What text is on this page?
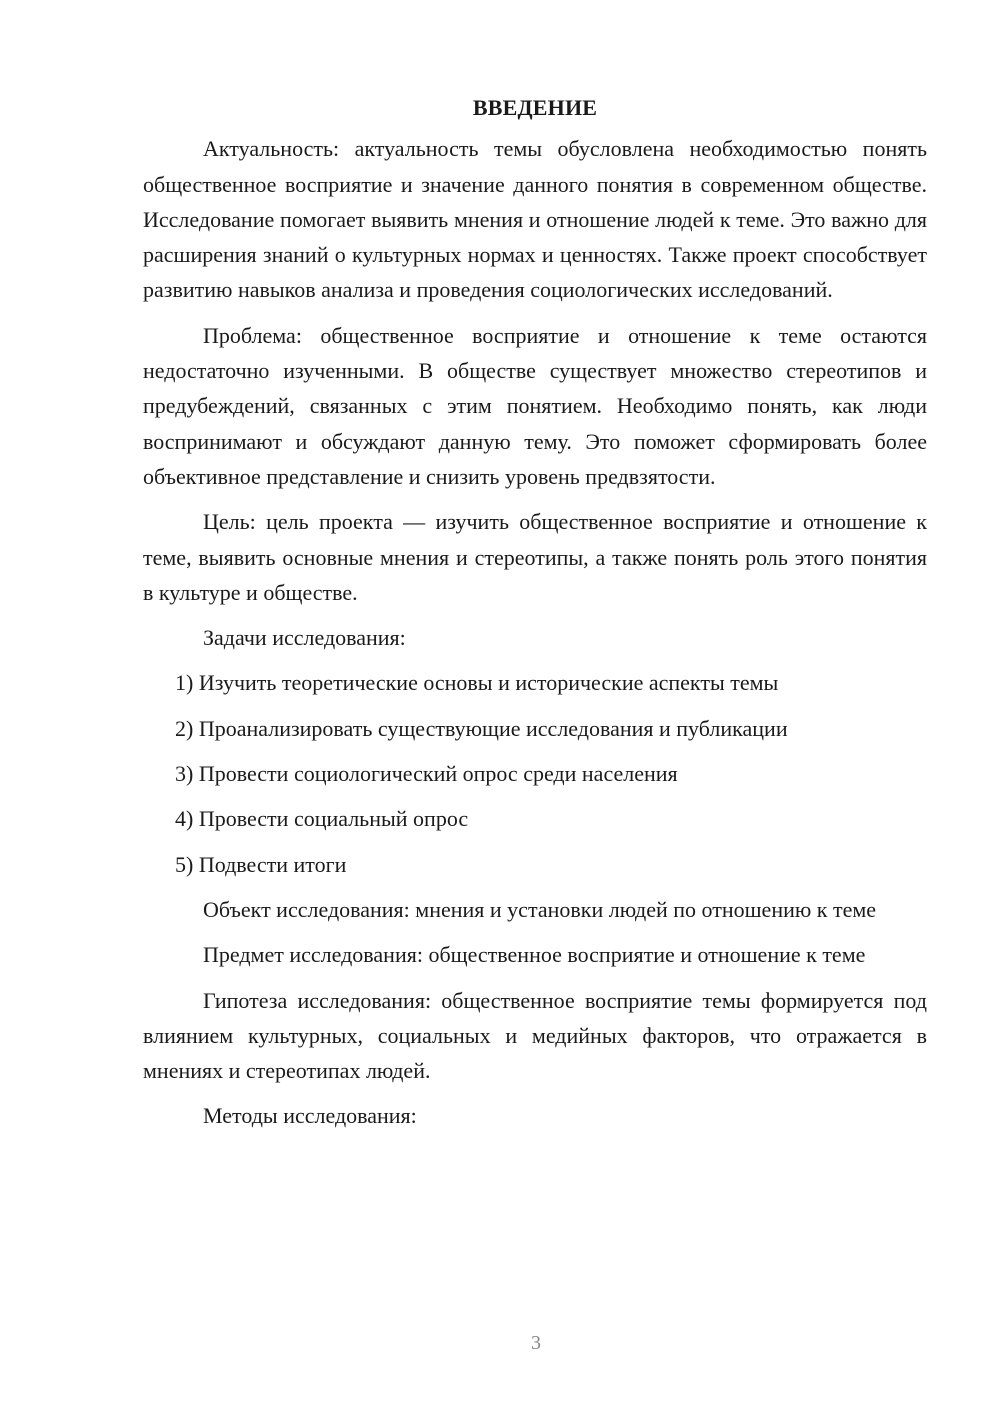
ВВЕДЕНИЕ

Актуальность: актуальность темы обусловлена необходимостью понять общественное восприятие и значение данного понятия в современном обществе. Исследование помогает выявить мнения и отношение людей к теме. Это важно для расширения знаний о культурных нормах и ценностях. Также проект способствует развитию навыков анализа и проведения социологических исследований.

Проблема: общественное восприятие и отношение к теме остаются недостаточно изученными. В обществе существует множество стереотипов и предубеждений, связанных с этим понятием. Необходимо понять, как люди воспринимают и обсуждают данную тему. Это поможет сформировать более объективное представление и снизить уровень предвзятости.

Цель: цель проекта — изучить общественное восприятие и отношение к теме, выявить основные мнения и стереотипы, а также понять роль этого понятия в культуре и обществе.

Задачи исследования:

1) Изучить теоретические основы и исторические аспекты темы
2) Проанализировать существующие исследования и публикации
3) Провести социологический опрос среди населения
4) Провести социальный опрос
5) Подвести итоги

Объект исследования: мнения и установки людей по отношению к теме

Предмет исследования: общественное восприятие и отношение к теме

Гипотеза исследования: общественное восприятие темы формируется под влиянием культурных, социальных и медийных факторов, что отражается в мнениях и стереотипах людей.

Методы исследования:

3
